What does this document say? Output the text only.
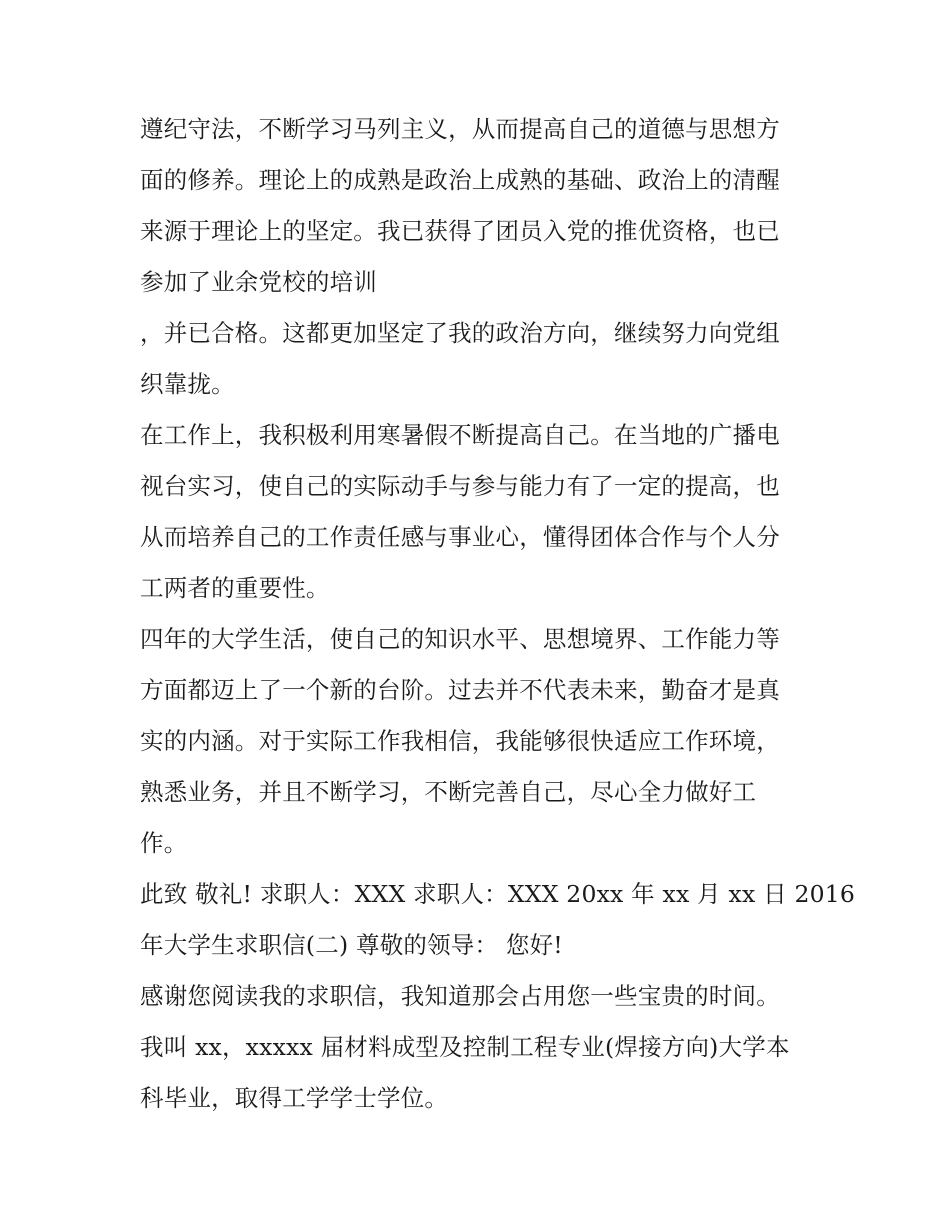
遵纪守法，不断学习马列主义，从而提高自己的道德与思想方
面的修养。理论上的成熟是政治上成熟的基础、政治上的清醒
来源于理论上的坚定。我已获得了团员入党的推优资格，也已
参加了业余党校的培训
，并已合格。这都更加坚定了我的政治方向，继续努力向党组
织靠拢。
在工作上，我积极利用寒暑假不断提高自己。在当地的广播电
视台实习，使自己的实际动手与参与能力有了一定的提高，也
从而培养自己的工作责任感与事业心，懂得团体合作与个人分
工两者的重要性。
四年的大学生活，使自己的知识水平、思想境界、工作能力等
方面都迈上了一个新的台阶。过去并不代表未来，勤奋才是真
实的内涵。对于实际工作我相信，我能够很快适应工作环境，
熟悉业务，并且不断学习，不断完善自己，尽心全力做好工
作。
此致 敬礼! 求职人：XXX 求职人：XXX 20xx 年 xx 月 xx 日 2016
年大学生求职信(二) 尊敬的领导： 您好!
感谢您阅读我的求职信，我知道那会占用您一些宝贵的时间。
我叫 xx，xxxxx 届材料成型及控制工程专业(焊接方向)大学本
科毕业，取得工学学士学位。
